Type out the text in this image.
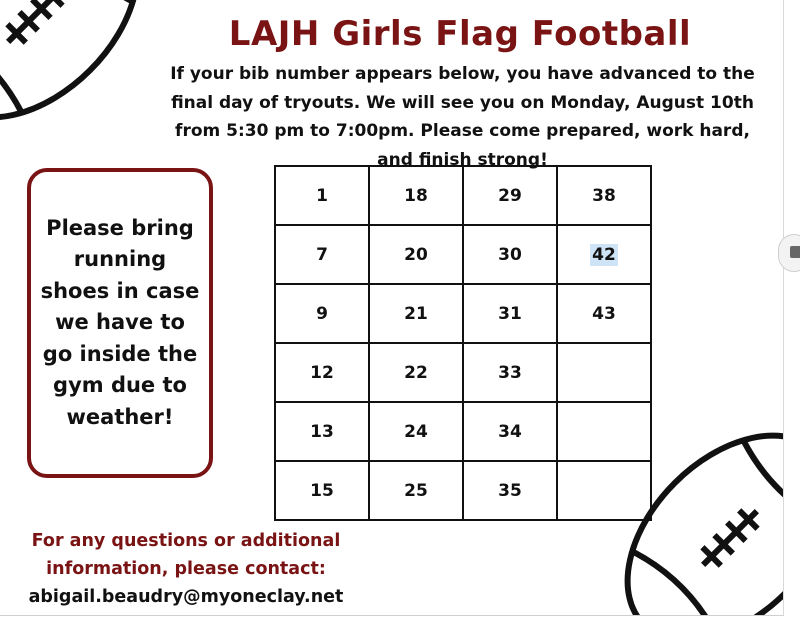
LAJH Girls Flag Football
If your bib number appears below, you have advanced to the final day of tryouts. We will see you on Monday, August 10th from 5:30 pm to 7:00pm. Please come prepared, work hard, and finish strong!

Please bring running shoes in case we have to go inside the gym due to weather!

1	18	29	38
7	20	30	42
9	21	31	43
12	22	33	
13	24	34	
15	25	35	
For any questions or additional information, please contact:
abigail.beaudry@myoneclay.net
